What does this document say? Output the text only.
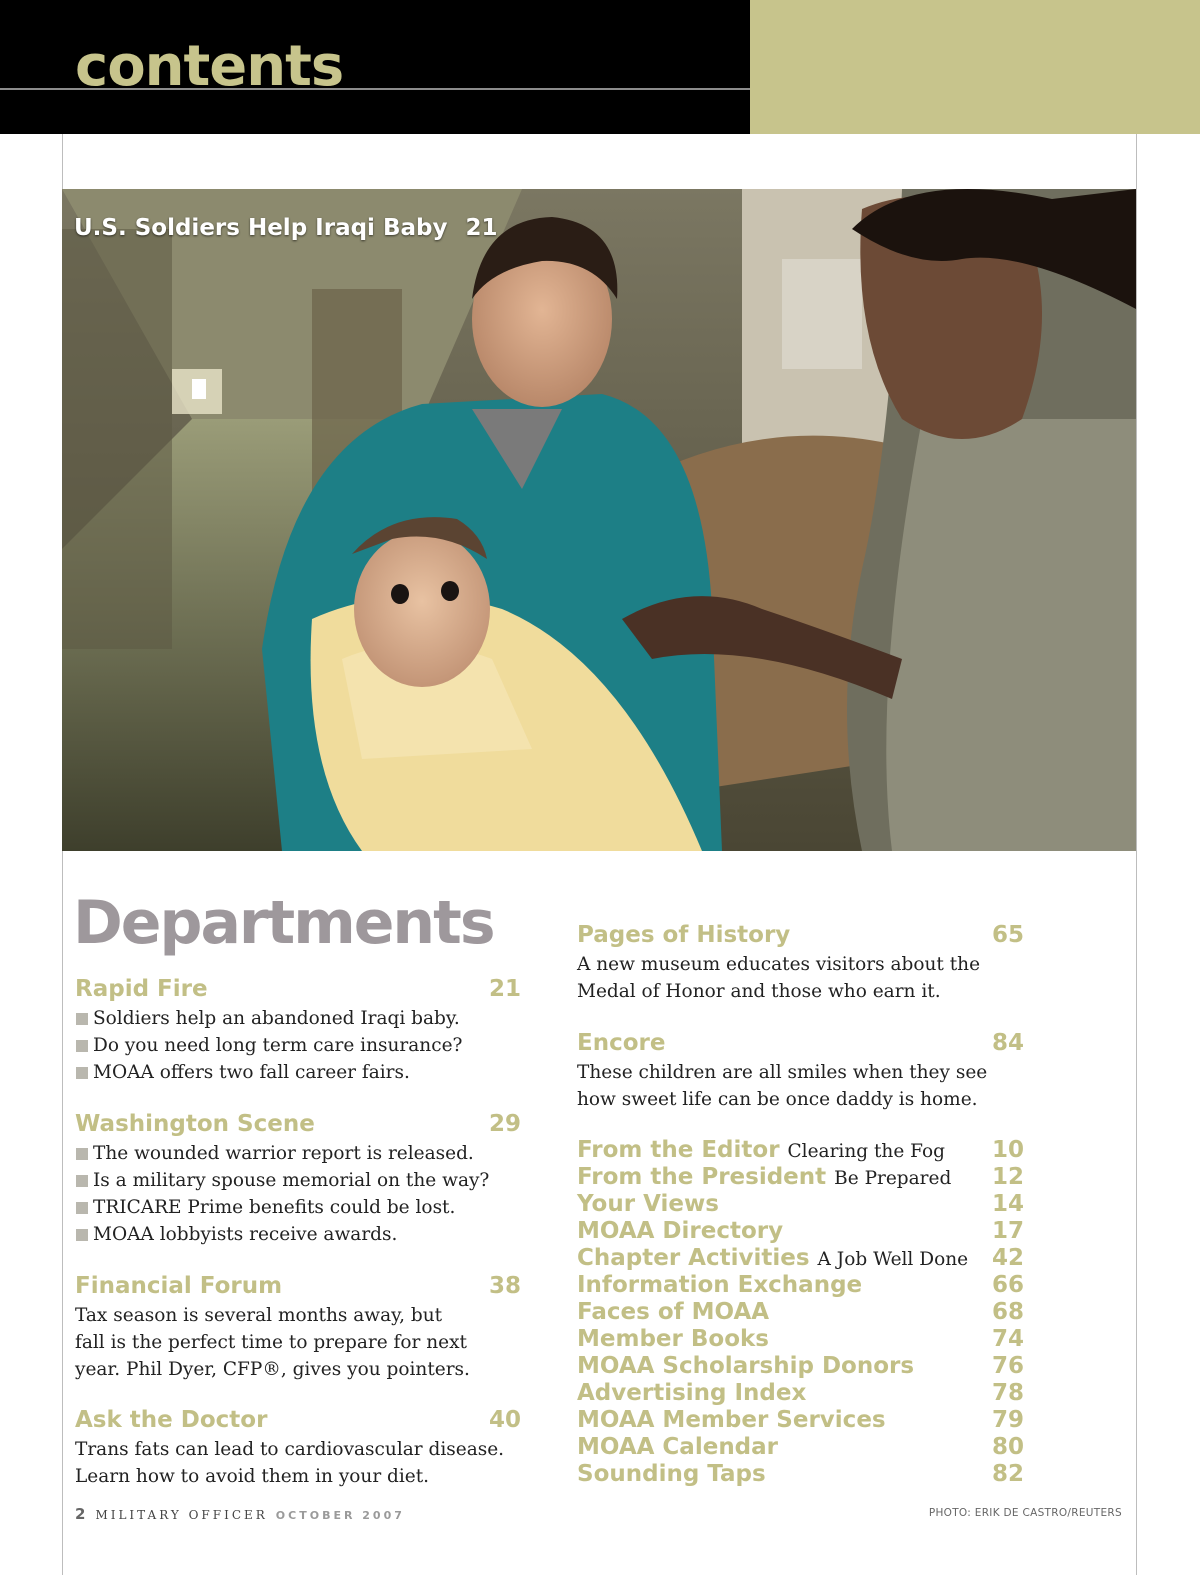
contents
U.S. Soldiers Help Iraqi Baby 21
Departments
Rapid Fire	21
Soldiers help an abandoned Iraqi baby.
Do you need long term care insurance?
MOAA offers two fall career fairs.
Washington Scene	29
The wounded warrior report is released.
Is a military spouse memorial on the way?
TRICARE Prime benefits could be lost.
MOAA lobbyists receive awards.
Financial Forum	38
Tax season is several months away, but
fall is the perfect time to prepare for next
year. Phil Dyer, CFP®, gives you pointers.
Ask the Doctor	40
Trans fats can lead to cardiovascular disease.
Learn how to avoid them in your diet.
Pages of History	65
A new museum educates visitors about the
Medal of Honor and those who earn it.
Encore	84
These children are all smiles when they see
how sweet life can be once daddy is home.
From the Editor Clearing the Fog 10
From the President Be Prepared 12
Your Views	14
MOAA Directory	17
Chapter Activities A Job Well Done 42
Information Exchange	66
Faces of MOAA	68
Member Books	74
MOAA Scholarship Donors	76
Advertising Index	78
MOAA Member Services	79
MOAA Calendar	80
Sounding Taps	82
2 MILITARY OFFICER OCTOBER 2007	PHOTO: ERIK DE CASTRO/REUTERS
